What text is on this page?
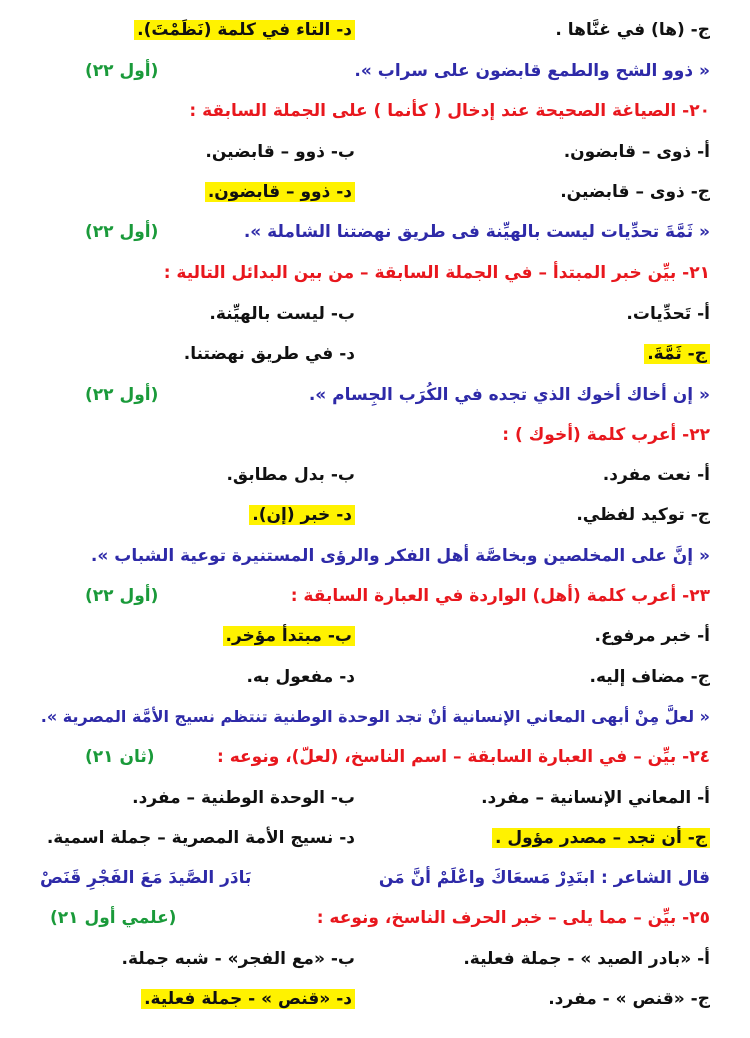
ج- (ها) في غنَّاها .
د- التاء في كلمة (نَظَمْتَ).
« ذوو الشح والطمع قابضون على سراب ».
(أول ٢٢)
٢٠- الصياغة الصحيحة عند إدخال ( كأنما ) على الجملة السابقة :
أ- ذوى – قابضون.
ب- ذوو – قابضين.
ج- ذوى – قابضين.
د- ذوو – قابضون.
« ثَمَّةَ تحدِّيات ليست بالهيِّنة فى طريق نهضتنا الشاملة ».
(أول ٢٢)
٢١- بيِّن خبر المبتدأ – في الجملة السابقة – من بين البدائل التالية :
أ- تَحدِّيات.
ب- ليست بالهيِّنة.
ج- ثَمَّةَ.
د- في طريق نهضتنا.
« إن أخاك أخوك الذي تجده في الكُرَب الجِسام ».
(أول ٢٢)
٢٢- أعرب كلمة (أخوك ) :
أ- نعت مفرد.
ب- بدل مطابق.
ج- توكيد لفظي.
د- خبر (إن).
« إنَّ على المخلصين وبخاصَّة أهل الفكر والرؤى المستنيرة توعية الشباب ».
(أول ٢٢)	٢٣- أعرب كلمة (أهل) الواردة في العبارة السابقة :
أ- خبر مرفوع.
ب- مبتدأ مؤخر.
ج- مضاف إليه.
د- مفعول به.
« لعلَّ مِنْ أبهى المعاني الإنسانية أنْ تجد الوحدة الوطنية تنتظم نسيج الأمَّة المصرية ».
(ثان ٢١)	٢٤- بيِّن – في العبارة السابقة – اسم الناسخ، (لعلّ)، ونوعه :
أ- المعاني الإنسانية – مفرد.
ب- الوحدة الوطنية – مفرد.
ج- أن تجد – مصدر مؤول .
د- نسيج الأمة المصرية – جملة اسمية.
قال الشاعر : ابتَدِرْ مَسعَاكَ واعْلَمْ أنَّ مَن
بَادَر الصَّيدَ مَعَ الفَجْرِ قَنَصْ
(علمي أول ٢١)	٢٥- بيِّن – مما يلى – خبر الحرف الناسخ، ونوعه :
أ- «بادر الصيد » - جملة فعلية.
ب- «مع الفجر» - شبه جملة.
ج- «قنص » - مفرد.
د- «قنص » - جملة فعلية.
